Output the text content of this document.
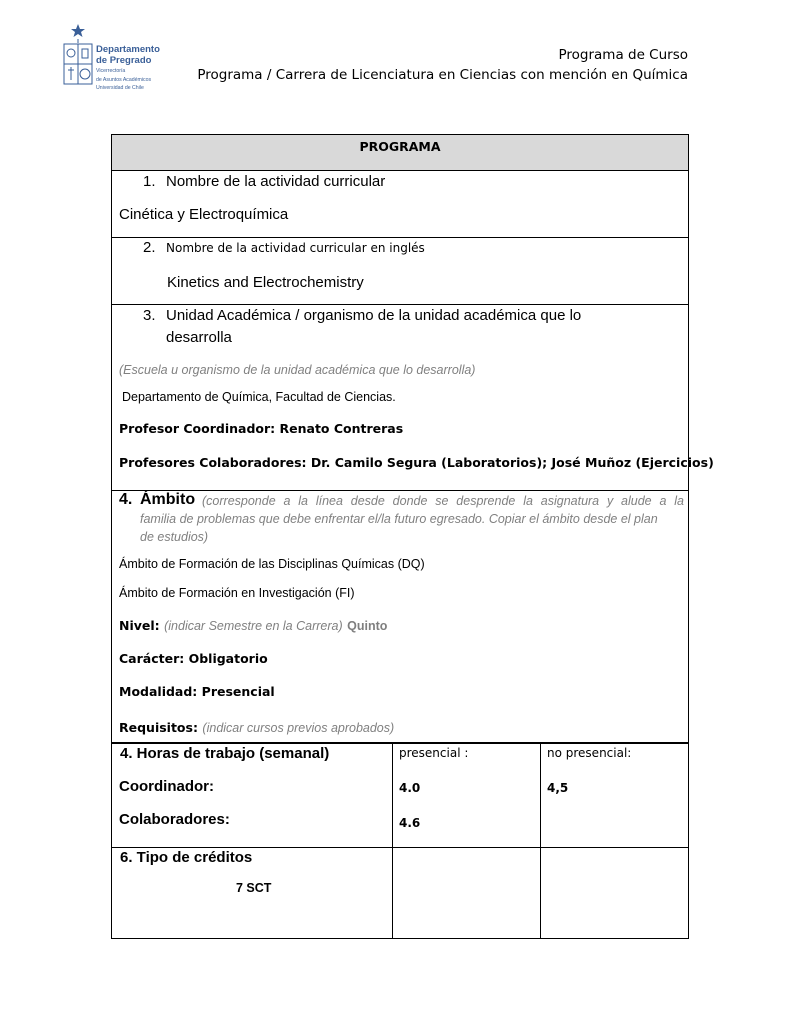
Departamento
de Pregrado
Vicerrectoría
de Asuntos Académicos
Universidad de Chile
Programa de Curso
Programa / Carrera de Licenciatura en Ciencias con mención en Química
PROGRAMA
1. Nombre de la actividad curricular
Cinética y Electroquímica
2. Nombre de la actividad curricular en inglés
Kinetics and Electrochemistry
3. Unidad Académica / organismo de la unidad académica que lo
desarrolla
(Escuela u organismo de la unidad académica que lo desarrolla)
Departamento de Química, Facultad de Ciencias.
Profesor Coordinador: Renato Contreras
Profesores Colaboradores: Dr. Camilo Segura (Laboratorios); José Muñoz (Ejercicios)
4. Ámbito (corresponde a la línea desde donde se desprende la asignatura y alude a la
familia de problemas que debe enfrentar el/la futuro egresado. Copiar el ámbito desde el plan
de estudios)
Ámbito de Formación de las Disciplinas Químicas (DQ)
Ámbito de Formación en Investigación (FI)
Nivel: (indicar Semestre en la Carrera) Quinto
Carácter: Obligatorio
Modalidad: Presencial
Requisitos: (indicar cursos previos aprobados)
4. Horas de trabajo (semanal)	presencial :	no presencial:
Coordinador:	4.0	4,5
Colaboradores:	4.6
6. Tipo de créditos
7 SCT
